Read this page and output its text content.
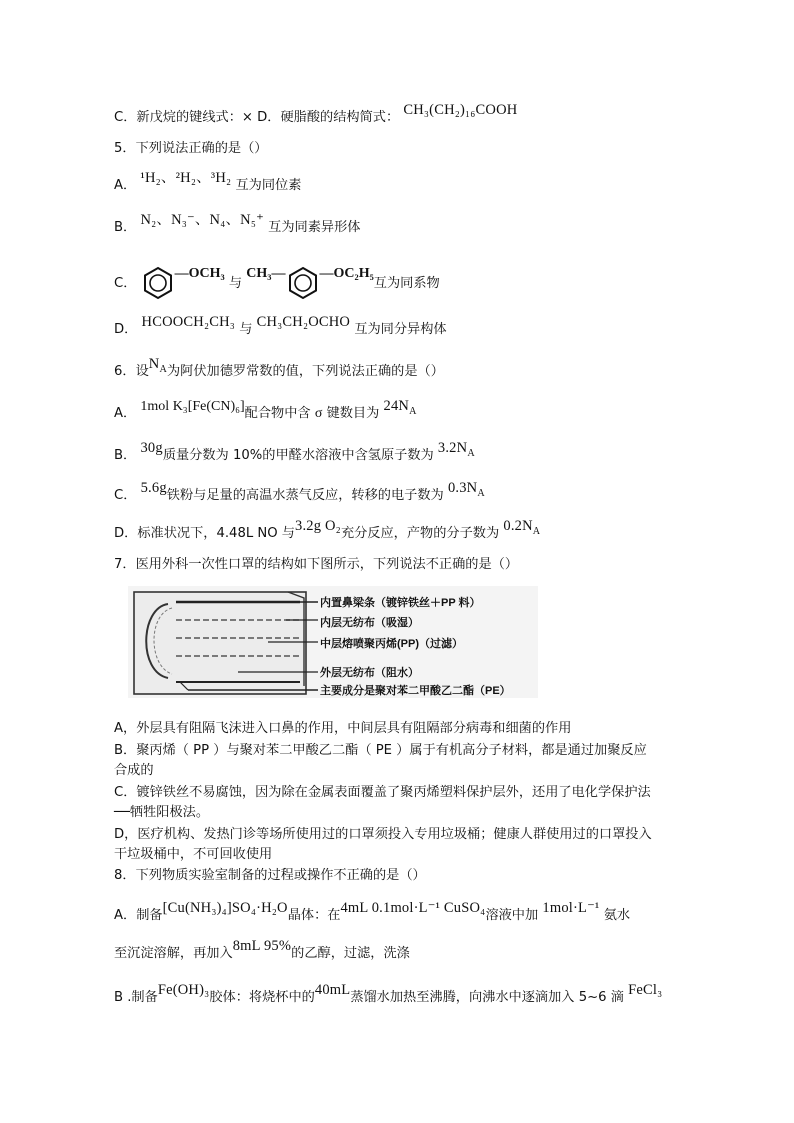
C．新戊烷的键线式：× D．硬脂酸的结构简式： CH₃(CH₂)₁₆COOH
5．下列说法正确的是（）
A． ¹H₂、²H₂、³H₂ 互为同位素
B． N₂、N₃⁻、N₄、N₅⁺ 互为同素异形体
C． —OCH₃ 与 CH₃— —OC₂H₅互为同系物
D． HCOOCH₂CH₃ 与 CH₃CH₂OCHO 互为同分异构体
6．设$N_A$为阿伏加德罗常数的值，下列说法正确的是（）
A． 1mol K₃[Fe(CN)₆]配合物中含 σ 键数目为 $24N_A$
B． 30g质量分数为 10%的甲醛水溶液中含氢原子数为 $3.2N_A$
C． 5.6g铁粉与足量的高温水蒸气反应，转移的电子数为 $0.3N_A$
D．标准状况下，4.48L NO 与3.2g O₂充分反应，产物的分子数为 $0.2N_A$
7．医用外科一次性口罩的结构如下图所示，下列说法不正确的是（）
内置鼻梁条（镀锌铁丝＋PP 料）
内层无纺布（吸湿）
中层熔喷聚丙烯(PP)（过滤）
外层无纺布（阻水）
主要成分是聚对苯二甲酸乙二酯（PE）
A，外层具有阻隔飞沫进入口鼻的作用，中间层具有阻隔部分病毒和细菌的作用
B．聚丙烯（ PP ）与聚对苯二甲酸乙二酯（ PE ）属于有机高分子材料，都是通过加聚反应
合成的
C．镀锌铁丝不易腐蚀，因为除在金属表面覆盖了聚丙烯塑料保护层外，还用了电化学保护法
──牺牲阳极法。
D，医疗机构、发热门诊等场所使用过的口罩须投入专用垃圾桶；健康人群使用过的口罩投入
干垃圾桶中，不可回收使用
8．下列物质实验室制备的过程或操作不正确的是（）
A．制备[Cu(NH₃)₄]SO₄·H₂O晶体：在4mL 0.1mol·L⁻¹ CuSO₄溶液中加 1mol·L⁻¹ 氨水
至沉淀溶解，再加入8mL 95%的乙醇，过滤，洗涤
B .制备Fe(OH)₃胶体：将烧杯中的40mL蒸馏水加热至沸腾，向沸水中逐滴加入 5~6 滴 FeCl₃
